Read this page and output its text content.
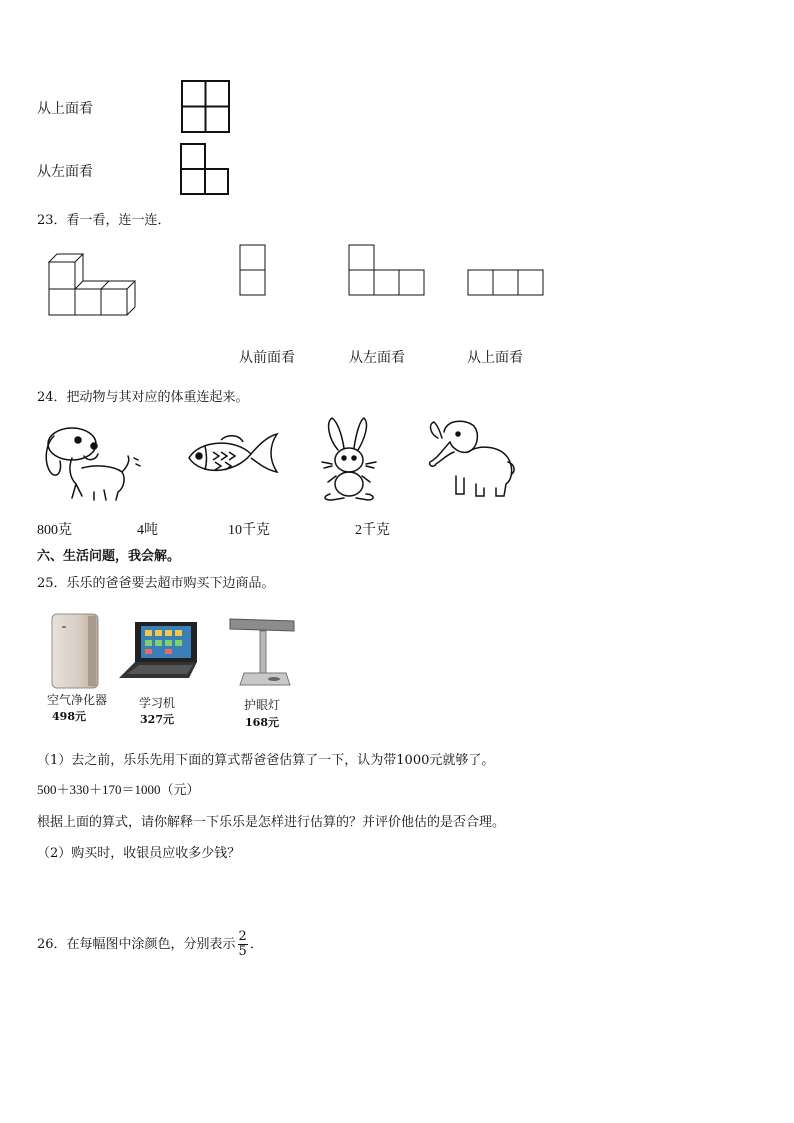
从上面看
从左面看
23．看一看，连一连．
从前面看	从左面看	从上面看
24．把动物与其对应的体重连起来。
800克	4吨	10千克	2千克
六、生活问题，我会解。
25．乐乐的爸爸要去超市购买下边商品。
空气净化器
498元
学习机
327元
护眼灯
168元
（1）去之前，乐乐先用下面的算式帮爸爸估算了一下，认为带1000元就够了。
500＋330＋170＝1000（元）
根据上面的算式，请你解释一下乐乐是怎样进行估算的？并评价他估的是否合理。
（2）购买时，收银员应收多少钱？
26．在每幅图中涂颜色，分别表示 $\frac{2}{5}$ ．
